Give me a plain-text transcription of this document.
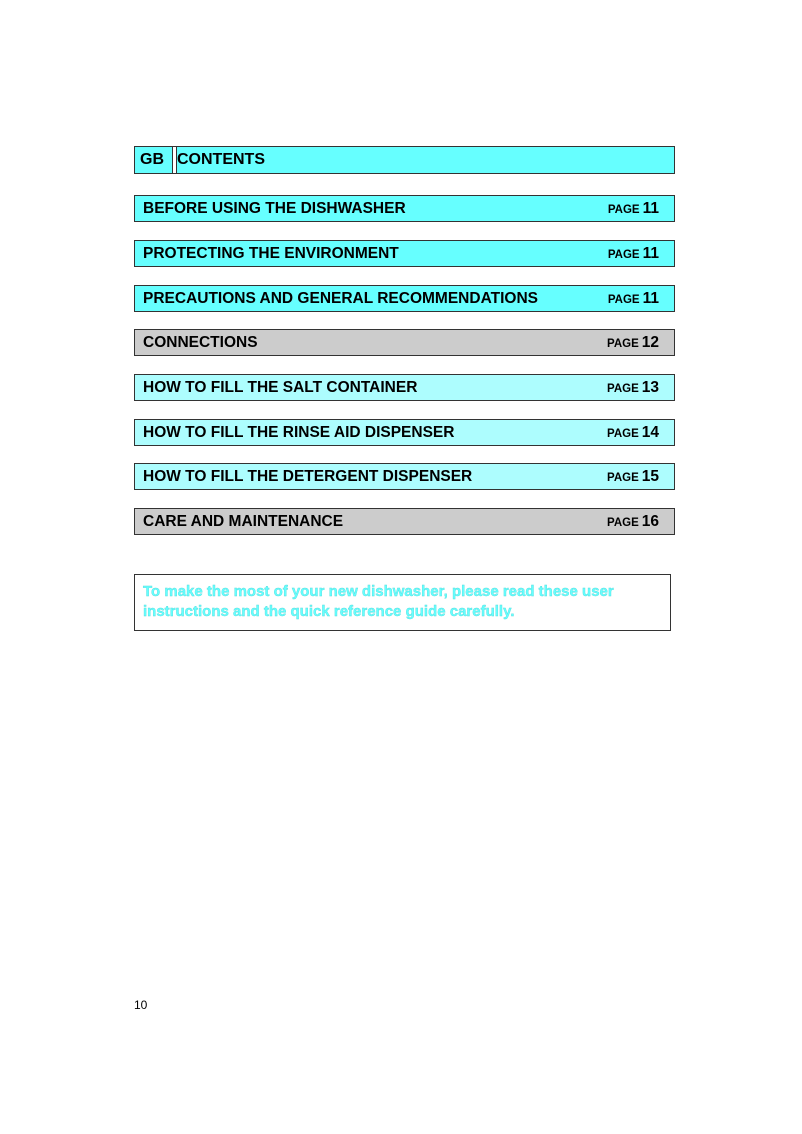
GB CONTENTS
BEFORE USING THE DISHWASHER	PAGE 11
PROTECTING THE ENVIRONMENT	PAGE 11
PRECAUTIONS AND GENERAL RECOMMENDATIONS	PAGE 11
CONNECTIONS	PAGE 12
HOW TO FILL THE SALT CONTAINER	PAGE 13
HOW TO FILL THE RINSE AID DISPENSER	PAGE 14
HOW TO FILL THE DETERGENT DISPENSER	PAGE 15
CARE AND MAINTENANCE	PAGE 16
To make the most of your new dishwasher, please read these user instructions and the quick reference guide carefully.
10
